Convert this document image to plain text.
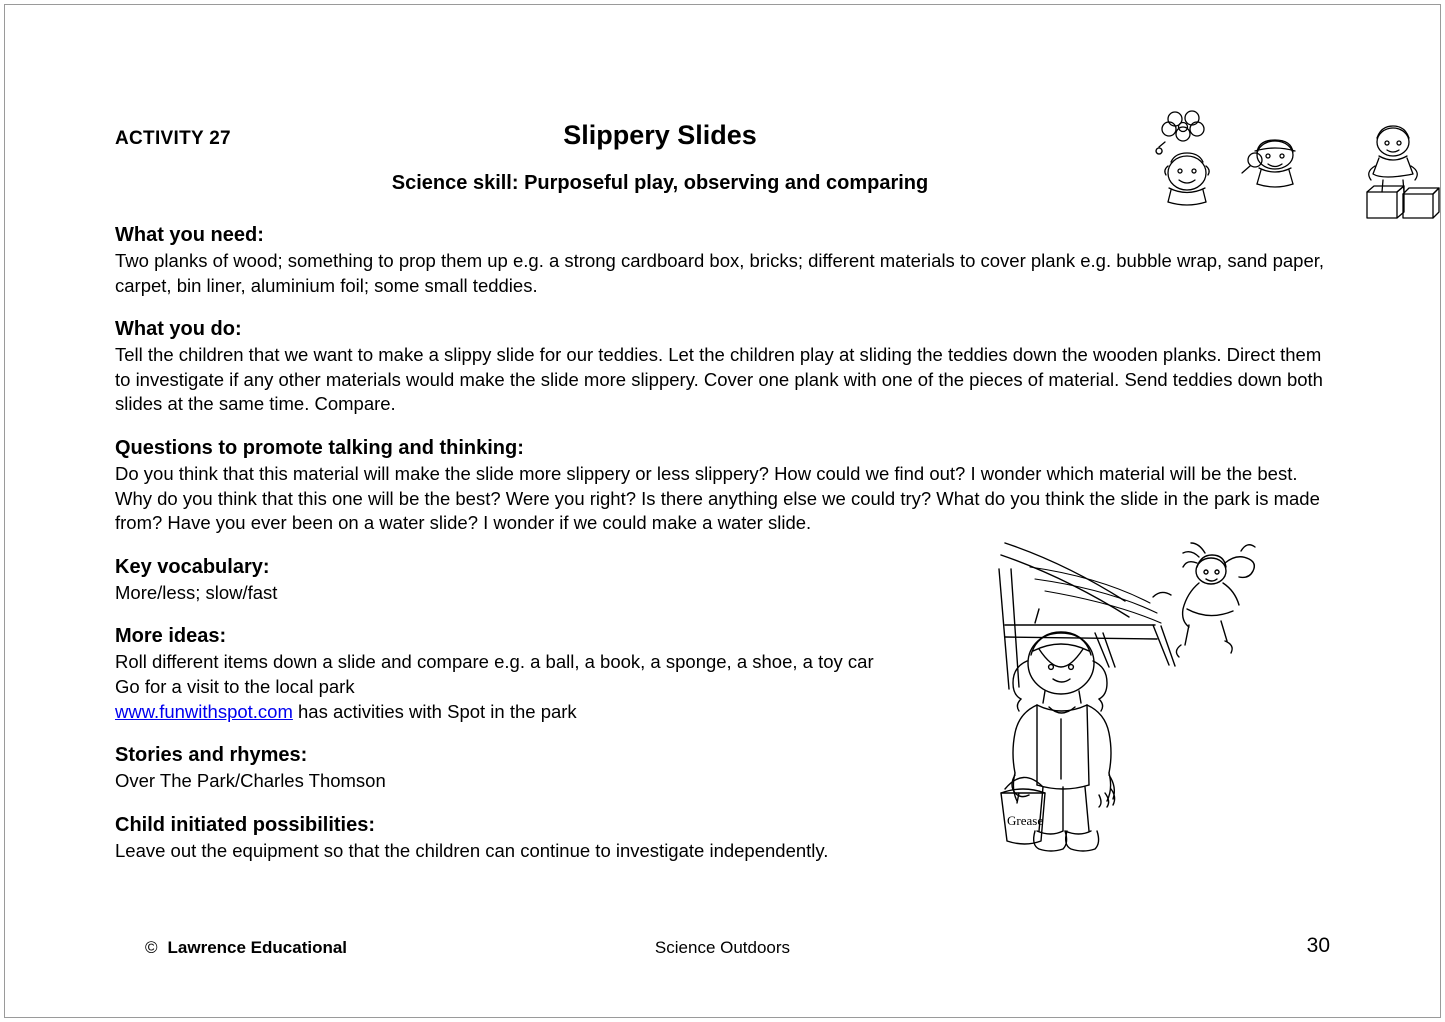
ACTIVITY 27	Slippery Slides
Science skill: Purposeful play, observing and comparing
What you need:

Two planks of wood; something to prop them up e.g. a strong cardboard box, bricks; different materials to cover plank e.g. bubble wrap, sand paper, carpet, bin liner, aluminium foil; some small teddies.

What you do:

Tell the children that we want to make a slippy slide for our teddies. Let the children play at sliding the teddies down the wooden planks. Direct them to investigate if any other materials would make the slide more slippery. Cover one plank with one of the pieces of material. Send teddies down both slides at the same time. Compare.

Questions to promote talking and thinking:

Do you think that this material will make the slide more slippery or less slippery? How could we find out? I wonder which material will be the best. Why do you think that this one will be the best? Were you right? Is there anything else we could try? What do you think the slide in the park is made from? Have you ever been on a water slide? I wonder if we could make a water slide.

Key vocabulary:

More/less; slow/fast

More ideas:

Roll different items down a slide and compare e.g. a ball, a book, a sponge, a shoe, a toy car

Go for a visit to the local park

www.funwithspot.com has activities with Spot in the park

Stories and rhymes:

Over The Park/Charles Thomson

Child initiated possibilities:

Leave out the equipment so that the children can continue to investigate independently.

Grease
© Lawrence Educational	Science Outdoors	30
